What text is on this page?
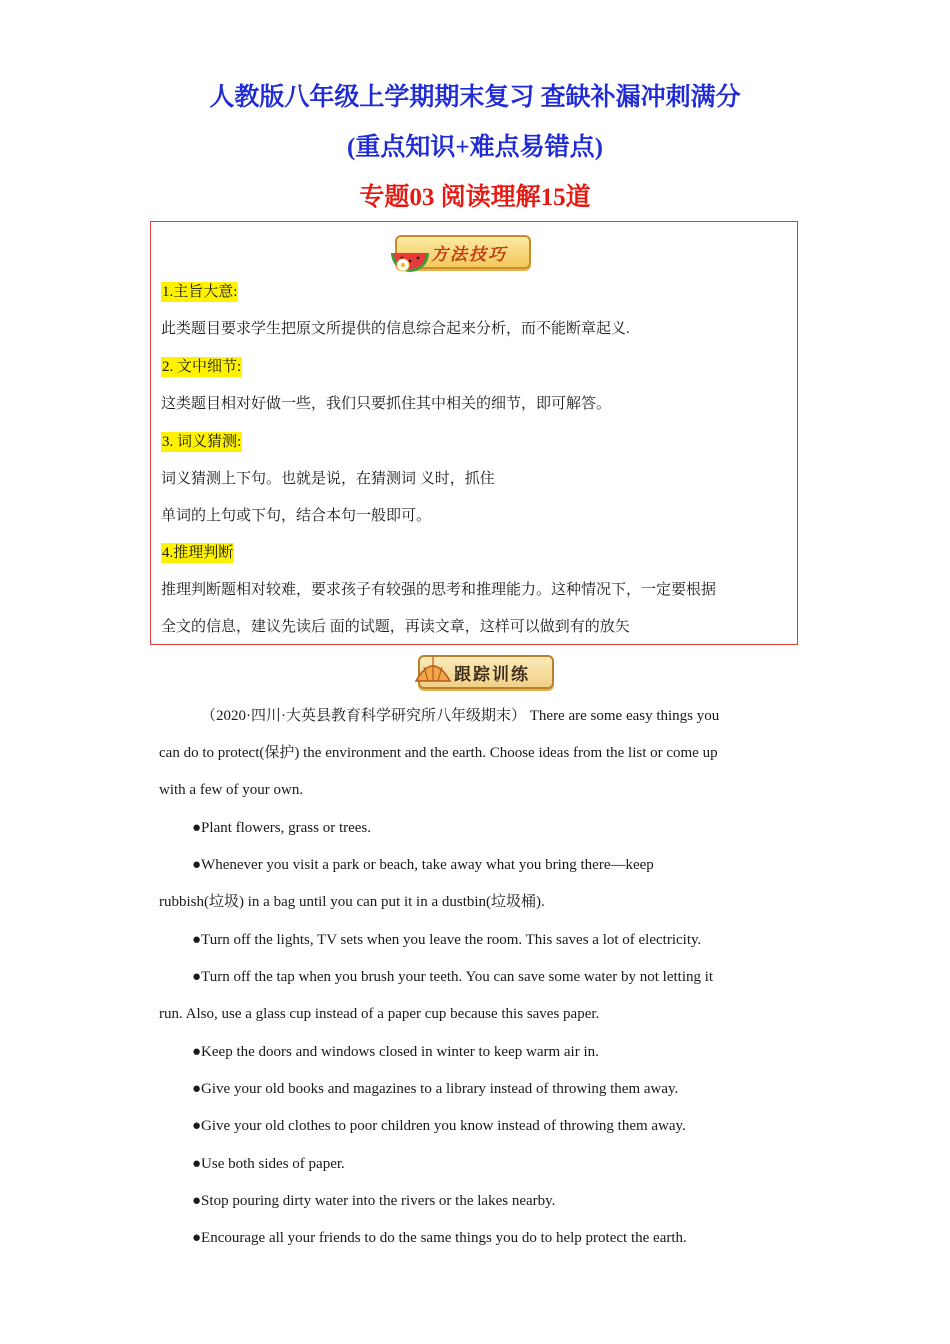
人教版八年级上学期期末复习 查缺补漏冲刺满分
(重点知识+难点易错点)
专题03 阅读理解15道
方法技巧
1.主旨大意:
此类题目要求学生把原文所提供的信息综合起来分析，而不能断章起义.
2. 文中细节:
这类题目相对好做一些，我们只要抓住其中相关的细节，即可解答。
3. 词义猜测:
词义猜测上下句。也就是说，在猜测词 义时，抓住
单词的上句或下句，结合本句一般即可。
4.推理判断
推理判断题相对较难，要求孩子有较强的思考和推理能力。这种情况下，一定要根据
全文的信息，建议先读后 面的试题，再读文章，这样可以做到有的放矢
跟踪训练
（2020·四川·大英县教育科学研究所八年级期末） There are some easy things you
can do to protect(保护) the environment and the earth. Choose ideas from the list or come up
with a few of your own.
●Plant flowers, grass or trees.
●Whenever you visit a park or beach, take away what you bring there—keep
rubbish(垃圾) in a bag until you can put it in a dustbin(垃圾桶).
●Turn off the lights, TV sets when you leave the room. This saves a lot of electricity.
●Turn off the tap when you brush your teeth. You can save some water by not letting it
run. Also, use a glass cup instead of a paper cup because this saves paper.
●Keep the doors and windows closed in winter to keep warm air in.
●Give your old books and magazines to a library instead of throwing them away.
●Give your old clothes to poor children you know instead of throwing them away.
●Use both sides of paper.
●Stop pouring dirty water into the rivers or the lakes nearby.
●Encourage all your friends to do the same things you do to help protect the earth.
